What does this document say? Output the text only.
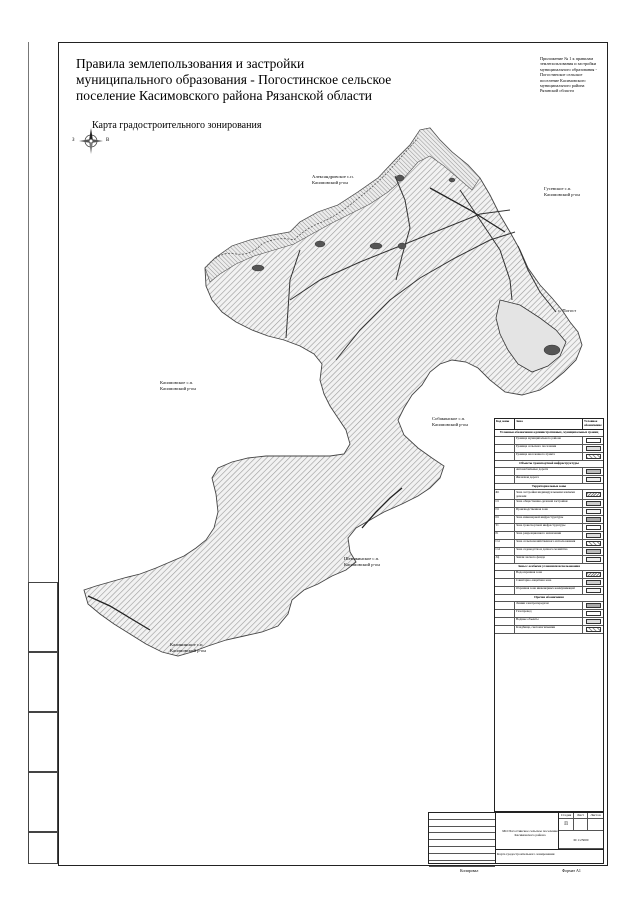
З	В
Правила землепользования и застройки муниципального образования - Погостинское сельское поселение Касимовского района Рязанской области
Карта градостроительного зонирования
Приложение № 1 к правилам землепользования и застройки муниципального образования - Погостинское сельское поселение Касимовского муниципального района Рязанской области
Александровское с.п.
Касимовский р-он
Гусевское с.п.
Касимовский р-он
Касимовское с.п.
Касимовский р-он
Собакинское с.п.
Касимовский р-он
Шемякинское с.п.
Касимовский р-он
Калининское с.п.
Касимовский р-он
с. Погост
Код зоны	Зона	Условное обозначение
Условные обозначения административных, муниципальных границ
Граница муниципального района
Граница сельского поселения
Граница населенного пункта
Объекты транспортной инфраструктуры
Автомобильные дороги
Железная дорога
Территориальные зоны
Ж1	Зона застройки индивидуальными жилыми домами
О1	Зона общественно-деловой застройки
П1	Производственная зона
И1	Зона инженерной инфраструктуры
Т1	Зона транспортной инфраструктуры
Р1	Зона рекреационного назначения
Сх1	Зона сельскохозяйственного использования
Сх2	Зона садоводства и дачного хозяйства
Лф	Земли лесного фонда
Зоны с особыми условиями использования
Водоохранная зона
Санитарно-защитная зона
Охранная зона инженерных коммуникаций
Прочие обозначения
Линии электропередачи
Газопровод
Водные объекты
Кладбища, скотомогильники
МО Погостинское сельское поселение Касимовского района
Стадия	Лист	Листов
П
М 1:25000
Карта градостроительного зонирования
Копировал	Формат А1
